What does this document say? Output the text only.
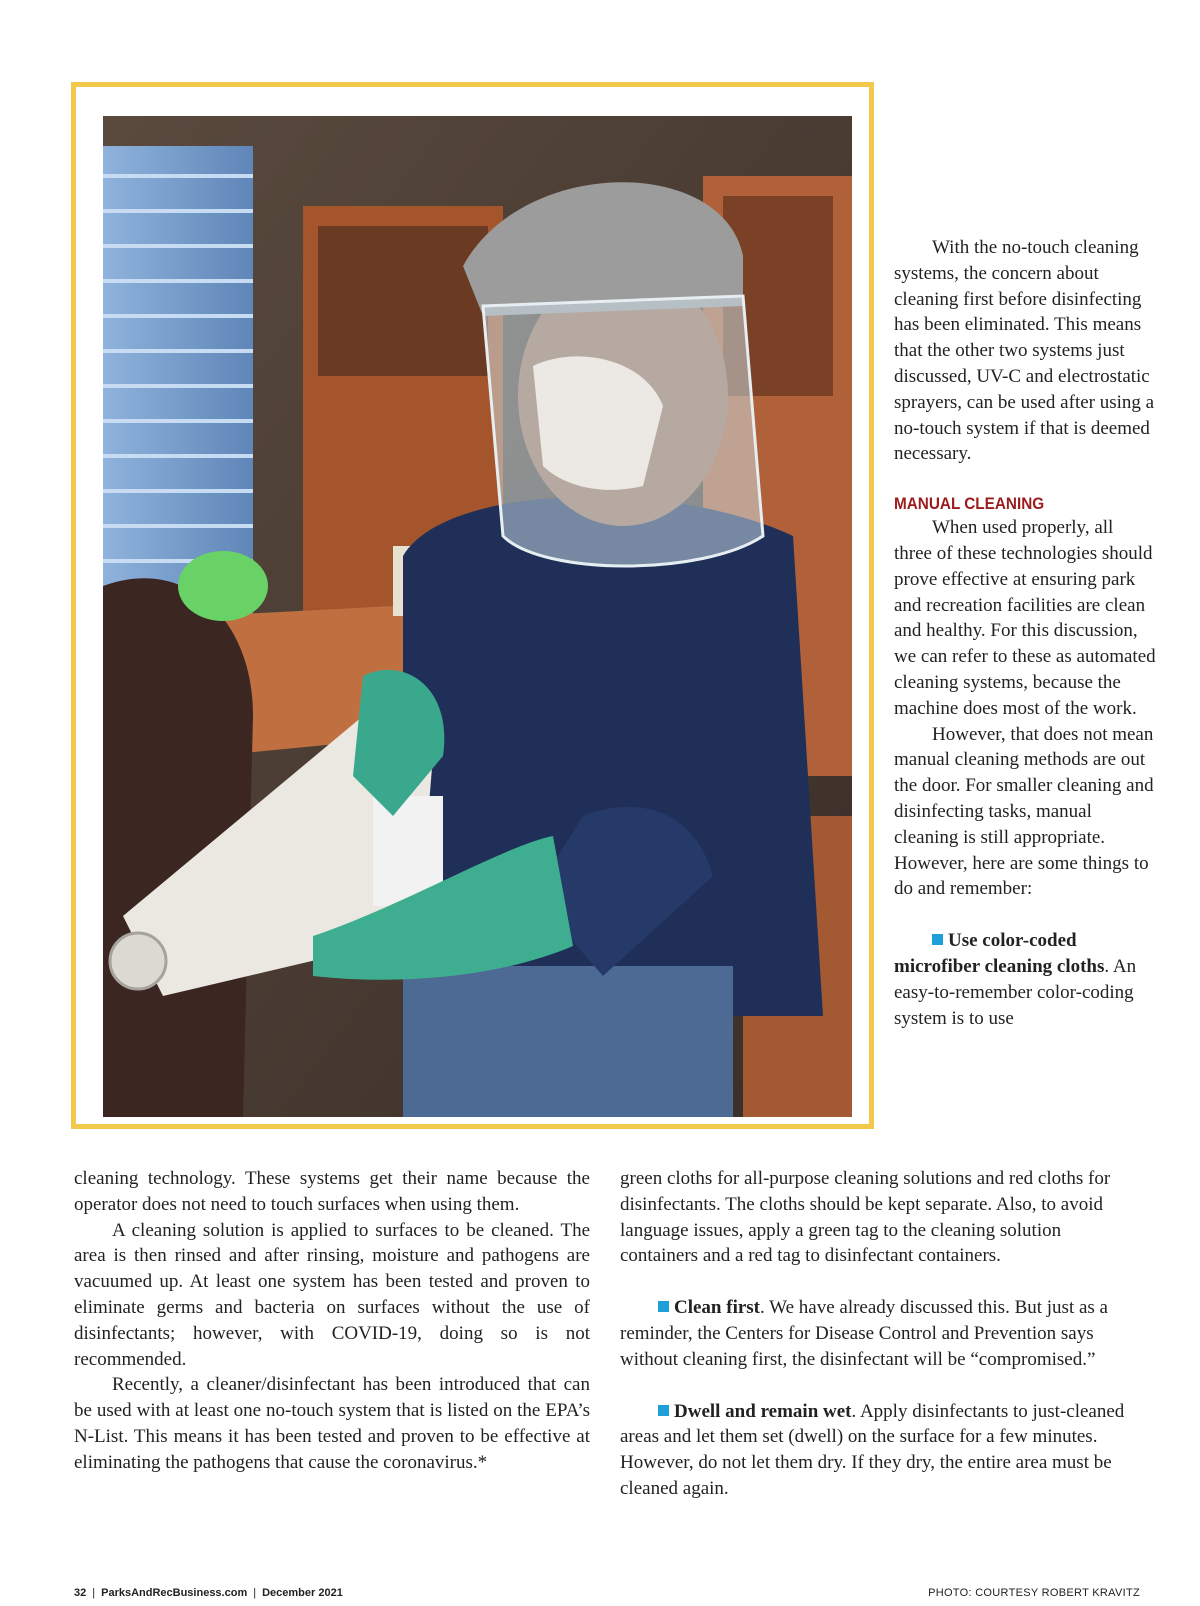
With the no-touch cleaning systems, the concern about cleaning first before disinfecting has been eliminated. This means that the other two systems just discussed, UV-C and electrostatic sprayers, can be used after using a no-touch system if that is deemed necessary.

MANUAL CLEANING

When used properly, all three of these technologies should prove effective at ensuring park and recreation facilities are clean and healthy. For this discussion, we can refer to these as automated cleaning systems, because the machine does most of the work.

However, that does not mean manual cleaning methods are out the door. For smaller cleaning and disinfecting tasks, manual cleaning is still appropriate. However, here are some things to do and remember:

Use color-coded microfiber cleaning cloths. An easy-to-remember color-coding system is to use

cleaning technology. These systems get their name because the operator does not need to touch surfaces when using them.

A cleaning solution is applied to surfaces to be cleaned. The area is then rinsed and after rinsing, moisture and pathogens are vacuumed up. At least one system has been tested and proven to eliminate germs and bacteria on surfaces without the use of disinfectants; however, with COVID-19, doing so is not recommended.

Recently, a cleaner/disinfectant has been introduced that can be used with at least one no-touch system that is listed on the EPA’s N-List. This means it has been tested and proven to be effective at eliminating the pathogens that cause the coronavirus.*

green cloths for all-purpose cleaning solutions and red cloths for disinfectants. The cloths should be kept separate. Also, to avoid language issues, apply a green tag to the cleaning solution containers and a red tag to disinfectant containers.

Clean first. We have already discussed this. But just as a reminder, the Centers for Disease Control and Prevention says without cleaning first, the disinfectant will be “compromised.”

Dwell and remain wet. Apply disinfectants to just-cleaned areas and let them set (dwell) on the surface for a few minutes. However, do not let them dry. If they dry, the entire area must be cleaned again.

32 | ParksAndRecBusiness.com | December 2021	PHOTO: COURTESY ROBERT KRAVITZ
